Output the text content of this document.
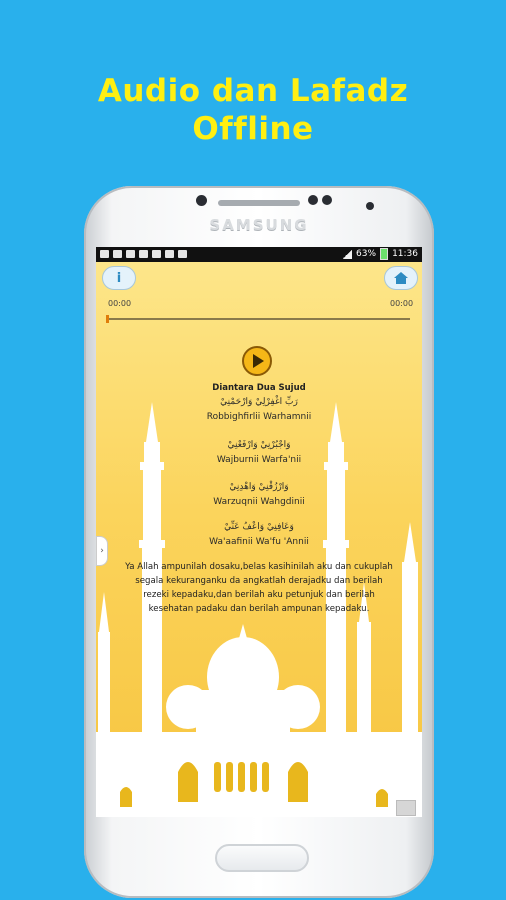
Audio dan Lafadz
Offline
SAMSUNG
63% 11:36
i
00:00	00:00
Diantara Dua Sujud
رَبِّ اغْفِرْلِيْ وَارْحَمْنِيْ
Robbighfirlii Warhamnii
وَاجْبُرْنِيْ وَارْفَعْنِيْ
Wajburnii Warfa'nii
وَارْزُقْنِيْ وَاهْدِنِيْ
Warzuqnii Wahgdinii
وَعَافِنِيْ وَاعْفُ عَنِّيْ
Wa'aafinii Wa'fu 'Annii
Ya Allah ampunilah dosaku,belas kasihinilah aku dan cukuplah segala kekuranganku da angkatlah derajadku dan berilah rezeki kepadaku,dan berilah aku petunjuk dan berilah kesehatan padaku dan berilah ampunan kepadaku.
›
